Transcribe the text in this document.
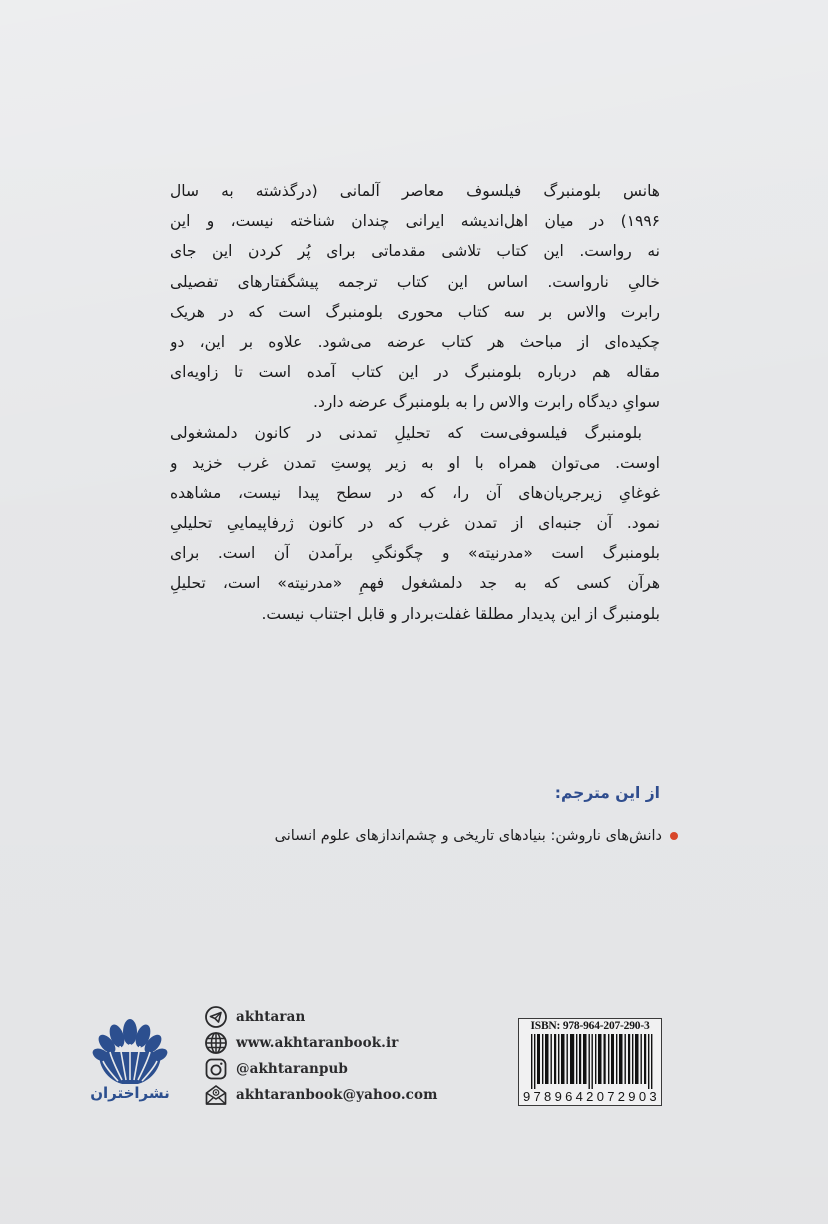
هانس بلومنبرگ فیلسوف معاصر آلمانی (درگذشته به سال
۱۹۹۶) در میان اهل‌اندیشه ایرانی چندان شناخته نیست، و این
نه رواست. این کتاب تلاشی مقدماتی برای پُر کردن این جای
خالیِ نارواست. اساس این کتاب ترجمه پیشگفتارهای تفصیلی
رابرت والاس بر سه کتاب محوری بلومنبرگ است که در هریک
چکیده‌ای از مباحث هر کتاب عرضه می‌شود. علاوه بر این، دو
مقاله هم درباره بلومنبرگ در این کتاب آمده است تا زاویه‌ای
سوایِ دیدگاه رابرت والاس را به بلومنبرگ عرضه دارد.
بلومنبرگ فیلسوفی‌ست که تحلیلِ تمدنی در کانون دلمشغولی
اوست. می‌توان همراه با او به زیر پوستِ تمدن غرب خزید و
غوغایِ زیرجریان‌های آن را، که در سطح پیدا نیست، مشاهده
نمود. آن جنبه‌ای از تمدن غرب که در کانون ژرفاپیماییِ تحلیلیِ
بلومنبرگ است «مدرنیته» و چگونگیِ برآمدن آن است. برای
هرآن کسی که به جد دلمشغول فهمِ «مدرنیته» است، تحلیلِ
بلومنبرگ از این پدیدار مطلقا غفلت‌بردار و قابل اجتناب نیست.
از این مترجم:
دانش‌های ناروشن: بنیادهای تاریخی و چشم‌اندازهای علوم انسانی
نشراختران
akhtaran
www.akhtaranbook.ir
@akhtaranpub
akhtaranbook@yahoo.com
ISBN: 978-964-207-290-3
9789642072903
